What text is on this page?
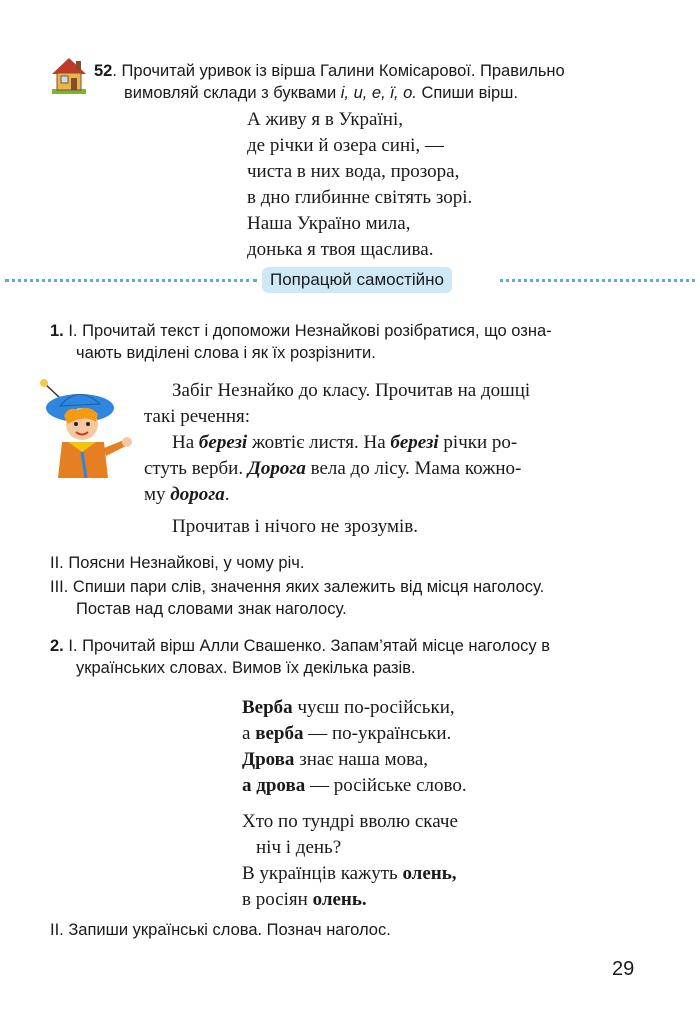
52. Прочитай уривок із вірша Галини Комісарової. Правильно
вимовляй склади з буквами і, и, е, ї, о. Спиши вірш.
А живу я в Україні,
де річки й озера сині, —
чиста в них вода, прозора,
в дно глибинне світять зорі.
Наша Україно мила,
донька я твоя щаслива.
Попрацюй самостійно
1. І. Прочитай текст і допоможи Незнайкові розібратися, що озна-
чають виділені слова і як їх розрізнити.
Забіг Незнайко до класу. Прочитав на дошці
такі речення:
На березі жовтіє листя. На березі річки ро-
стуть верби. Дорога вела до лісу. Мама кожно-
му дорога.
Прочитав і нічого не зрозумів.
ІІ. Поясни Незнайкові, у чому річ.
ІІІ. Спиши пари слів, значення яких залежить від місця наголосу.
Постав над словами знак наголосу.
2. І. Прочитай вірш Алли Свашенко. Запам’ятай місце наголосу в
українських словах. Вимов їх декілька разів.
Верба чуєш по-російськи,
а верба — по-українськи.
Дрова знає наша мова,
а дрова — російське слово.
Хто по тундрі вволю скаче
ніч і день?
В українців кажуть олень,
в росіян олень.
ІІ. Запиши українські слова. Познач наголос.
29
